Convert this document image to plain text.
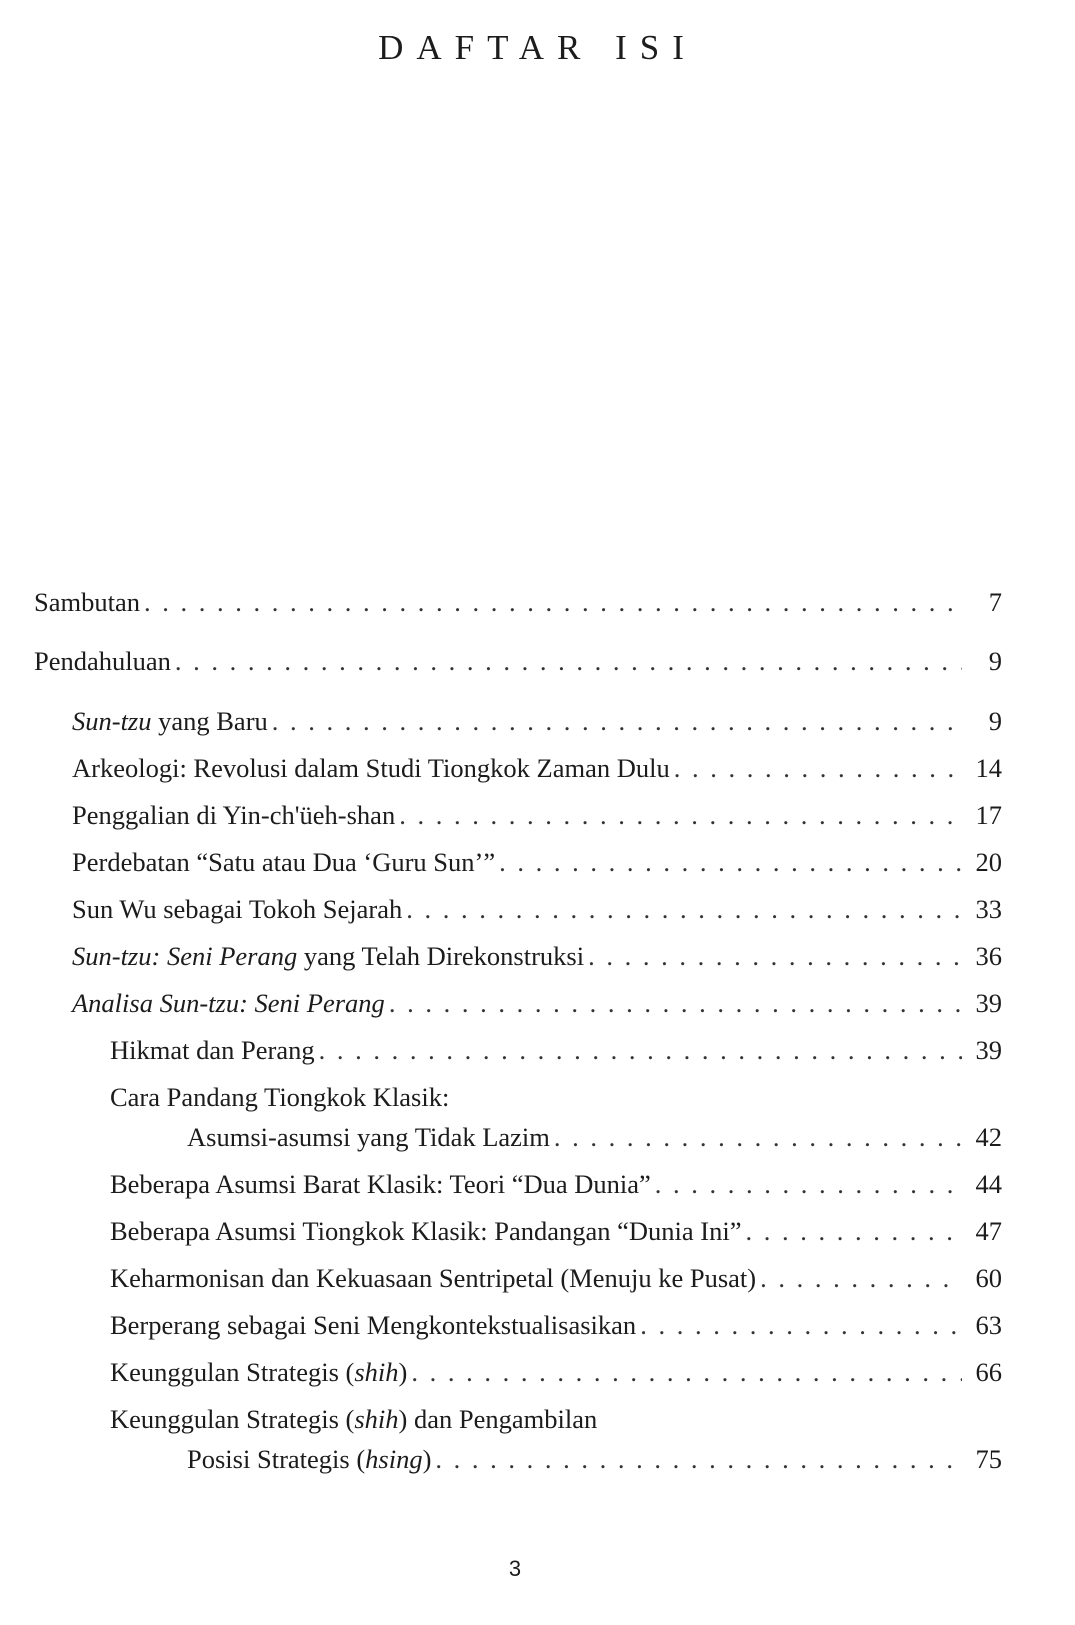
DAFTAR ISI
Sambutan . . .	7
Pendahuluan . . .	9
Sun-tzu yang Baru . . .	9
Arkeologi: Revolusi dalam Studi Tiongkok Zaman Dulu . . .	14
Penggalian di Yin-ch'üeh-shan . . .	17
Perdebatan “Satu atau Dua ‘Guru Sun’” . . .	20
Sun Wu sebagai Tokoh Sejarah . . .	33
Sun-tzu: Seni Perang yang Telah Direkonstruksi . . .	36
Analisa Sun-tzu: Seni Perang . . .	39
Hikmat dan Perang . . .	39
Cara Pandang Tiongkok Klasik:
Asumsi-asumsi yang Tidak Lazim . . .	42
Beberapa Asumsi Barat Klasik: Teori “Dua Dunia” . . .	44
Beberapa Asumsi Tiongkok Klasik: Pandangan “Dunia Ini” . . .	47
Keharmonisan dan Kekuasaan Sentripetal (Menuju ke Pusat) . . .	60
Berperang sebagai Seni Mengkontekstualisasikan . . .	63
Keunggulan Strategis (shih) . . .	66
Keunggulan Strategis (shih) dan Pengambilan
Posisi Strategis (hsing) . . .	75
3
